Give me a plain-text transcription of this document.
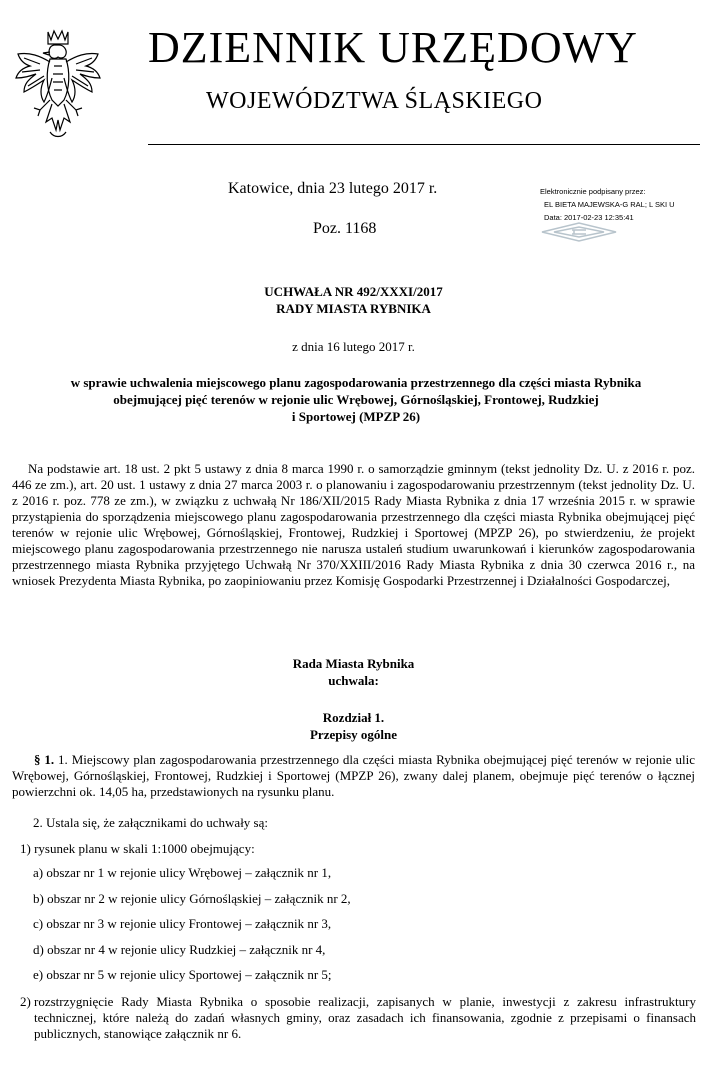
DZIENNIK URZĘDOWY
WOJEWÓDZTWA ŚLĄSKIEGO
Katowice, dnia 23 lutego 2017 r.
Poz. 1168
Elektronicznie podpisany przez:
EL BIETA MAJEWSKA-G RAL; L SKI U
Data: 2017-02-23 12:35:41
UCHWAŁA NR 492/XXXI/2017
RADY MIASTA RYBNIKA
z dnia 16 lutego 2017 r.
w sprawie uchwalenia miejscowego planu zagospodarowania przestrzennego dla części miasta Rybnika
obejmującej pięć terenów w rejonie ulic Wrębowej, Górnośląskiej, Frontowej, Rudzkiej
i Sportowej (MPZP 26)
Na podstawie art. 18 ust. 2 pkt 5 ustawy z dnia 8 marca 1990 r. o samorządzie gminnym (tekst jednolity Dz. U. z 2016 r. poz. 446 ze zm.), art. 20 ust. 1 ustawy z dnia 27 marca 2003 r. o planowaniu i zagospodarowaniu przestrzennym (tekst jednolity Dz. U. z 2016 r. poz. 778 ze zm.), w związku z uchwałą Nr 186/XII/2015 Rady Miasta Rybnika z dnia 17 września 2015 r. w sprawie przystąpienia do sporządzenia miejscowego planu zagospodarowania przestrzennego dla części miasta Rybnika obejmującej pięć terenów w rejonie ulic Wrębowej, Górnośląskiej, Frontowej, Rudzkiej i Sportowej (MPZP 26), po stwierdzeniu, że projekt miejscowego planu zagospodarowania przestrzennego nie narusza ustaleń studium uwarunkowań i kierunków zagospodarowania przestrzennego miasta Rybnika przyjętego Uchwałą Nr 370/XXIII/2016 Rady Miasta Rybnika z dnia 30 czerwca 2016 r., na wniosek Prezydenta Miasta Rybnika, po zaopiniowaniu przez Komisję Gospodarki Przestrzennej i Działalności Gospodarczej,
Rada Miasta Rybnika
uchwala:
Rozdział 1.
Przepisy ogólne
§ 1. 1. Miejscowy plan zagospodarowania przestrzennego dla części miasta Rybnika obejmującej pięć terenów w rejonie ulic Wrębowej, Górnośląskiej, Frontowej, Rudzkiej i Sportowej (MPZP 26), zwany dalej planem, obejmuje pięć terenów o łącznej powierzchni ok. 14,05 ha, przedstawionych na rysunku planu.
2. Ustala się, że załącznikami do uchwały są:
1) rysunek planu w skali 1:1000 obejmujący:
a) obszar nr 1 w rejonie ulicy Wrębowej – załącznik nr 1,
b) obszar nr 2 w rejonie ulicy Górnośląskiej – załącznik nr 2,
c) obszar nr 3 w rejonie ulicy Frontowej – załącznik nr 3,
d) obszar nr 4 w rejonie ulicy Rudzkiej – załącznik nr 4,
e) obszar nr 5 w rejonie ulicy Sportowej – załącznik nr 5;
2) rozstrzygnięcie Rady Miasta Rybnika o sposobie realizacji, zapisanych w planie, inwestycji z zakresu infrastruktury technicznej, które należą do zadań własnych gminy, oraz zasadach ich finansowania, zgodnie z przepisami o finansach publicznych, stanowiące załącznik nr 6.
